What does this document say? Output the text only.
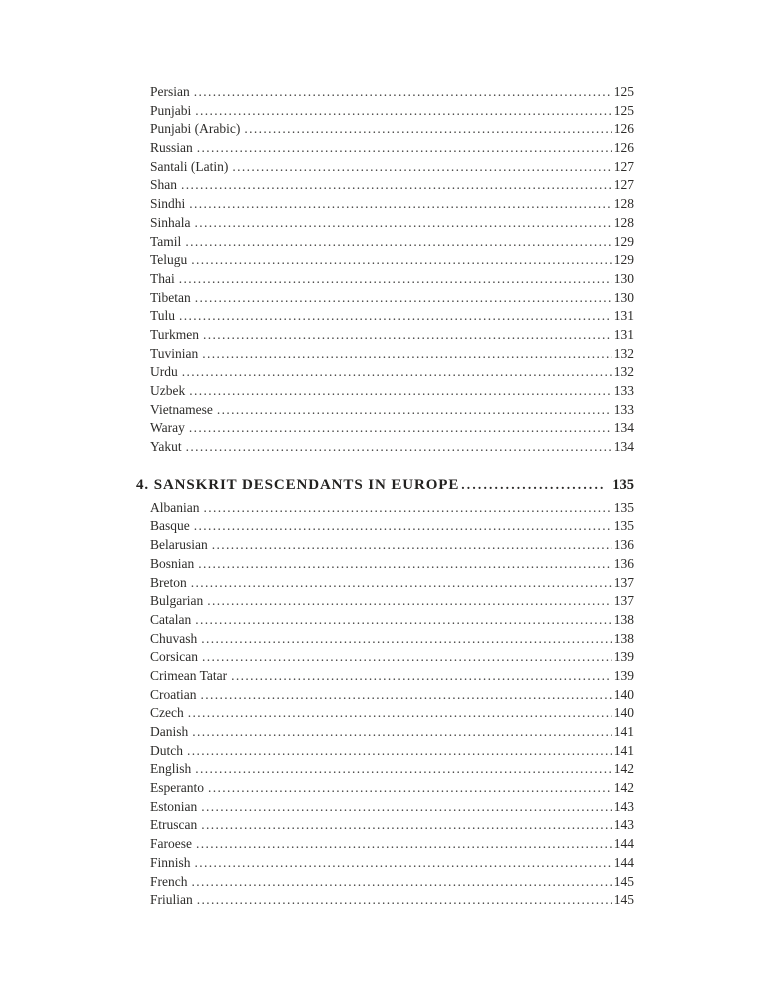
Persian . . .	125
Punjabi . . .	125
Punjabi (Arabic) . . .	126
Russian . . .	126
Santali (Latin) . . .	127
Shan . . .	127
Sindhi . . .	128
Sinhala . . .	128
Tamil . . .	129
Telugu . . .	129
Thai . . .	130
Tibetan . . .	130
Tulu . . .	131
Turkmen . . .	131
Tuvinian . . .	132
Urdu . . .	132
Uzbek . . .	133
Vietnamese . . .	133
Waray . . .	134
Yakut . . .	134
4. SANSKRIT DESCENDANTS IN EUROPE . . .	135
Albanian . . .	135
Basque . . .	135
Belarusian . . .	136
Bosnian . . .	136
Breton . . .	137
Bulgarian . . .	137
Catalan . . .	138
Chuvash . . .	138
Corsican . . .	139
Crimean Tatar . . .	139
Croatian . . .	140
Czech . . .	140
Danish . . .	141
Dutch . . .	141
English . . .	142
Esperanto . . .	142
Estonian . . .	143
Etruscan . . .	143
Faroese . . .	144
Finnish . . .	144
French . . .	145
Friulian . . .	145
